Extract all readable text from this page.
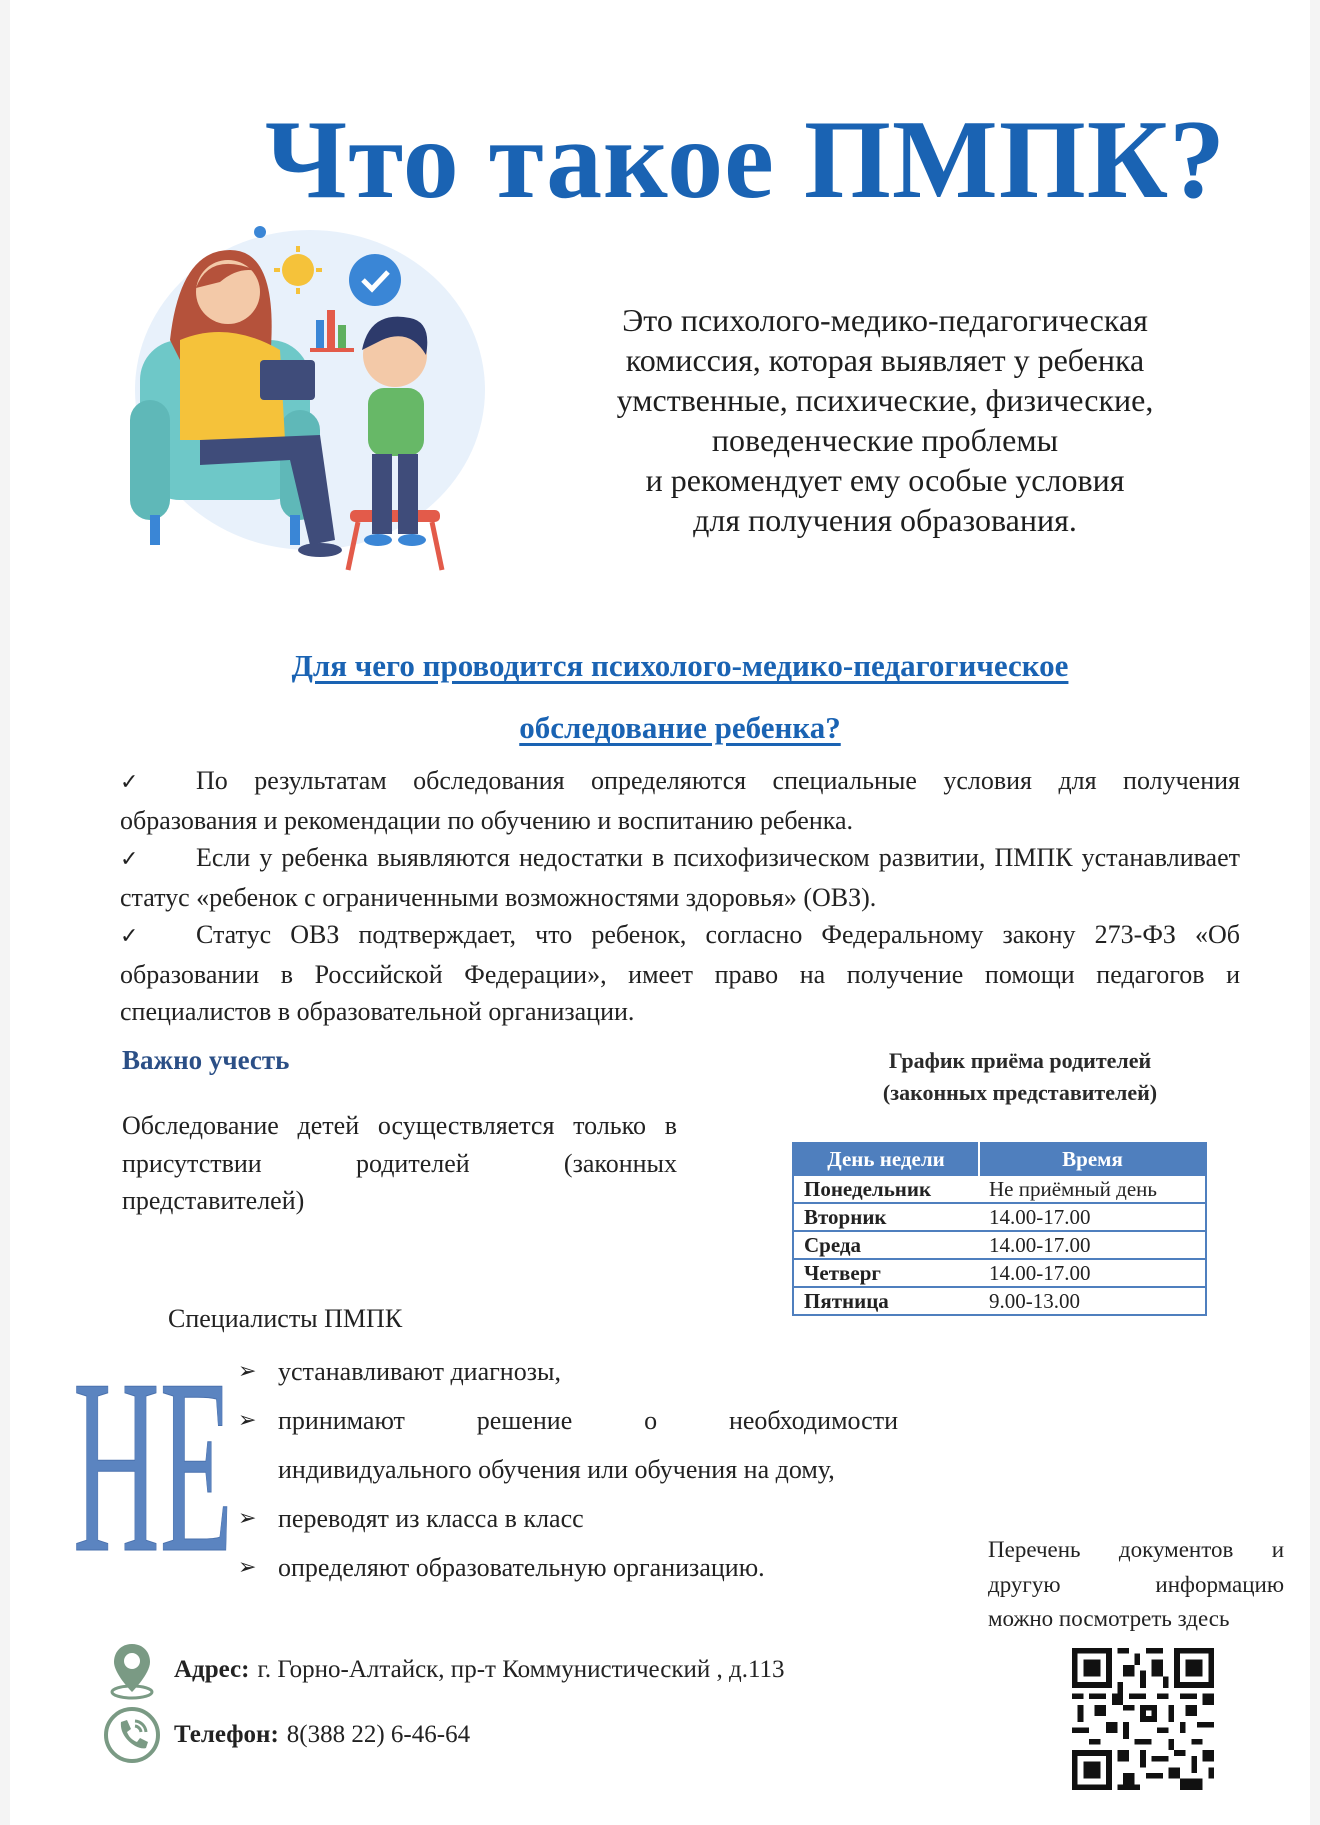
Что такое ПМПК?
Это психолого-медико-педагогическая
комиссия, которая выявляет у ребенка
умственные, психические, физические,
поведенческие проблемы
и рекомендует ему особые условия
для получения образования.
Для чего проводится психолого-медико-педагогическое
обследование ребенка?

✓ По результатам обследования определяются специальные условия для получения образования и рекомендации по обучению и воспитанию ребенка.

✓ Если у ребенка выявляются недостатки в психофизическом развитии, ПМПК устанавливает статус «ребенок с ограниченными возможностями здоровья» (ОВЗ).

✓ Статус ОВЗ подтверждает, что ребенок, согласно Федеральному закону 273-ФЗ «Об образовании в Российской Федерации», имеет право на получение помощи педагогов и специалистов в образовательной организации.

Важно учесть
Обследование детей осуществляется только в присутствии родителей (законных представителей)
График приёма родителей
(законных представителей)
День недели	Время
Понедельник	Не приёмный день
Вторник	14.00-17.00
Среда	14.00-17.00
Четверг	14.00-17.00
Пятница	9.00-13.00
Специалисты ПМПК
НЕ ➢ устанавливают диагнозы,
➢ принимают решение о необходимости индивидуального обучения или обучения на дому,
➢ переводят из класса в класс
➢ определяют образовательную организацию.
Перечень документов и
другую информацию
можно посмотреть здесь
Адрес: г. Горно-Алтайск, пр-т Коммунистический , д.113
Телефон: 8(388 22) 6-46-64
